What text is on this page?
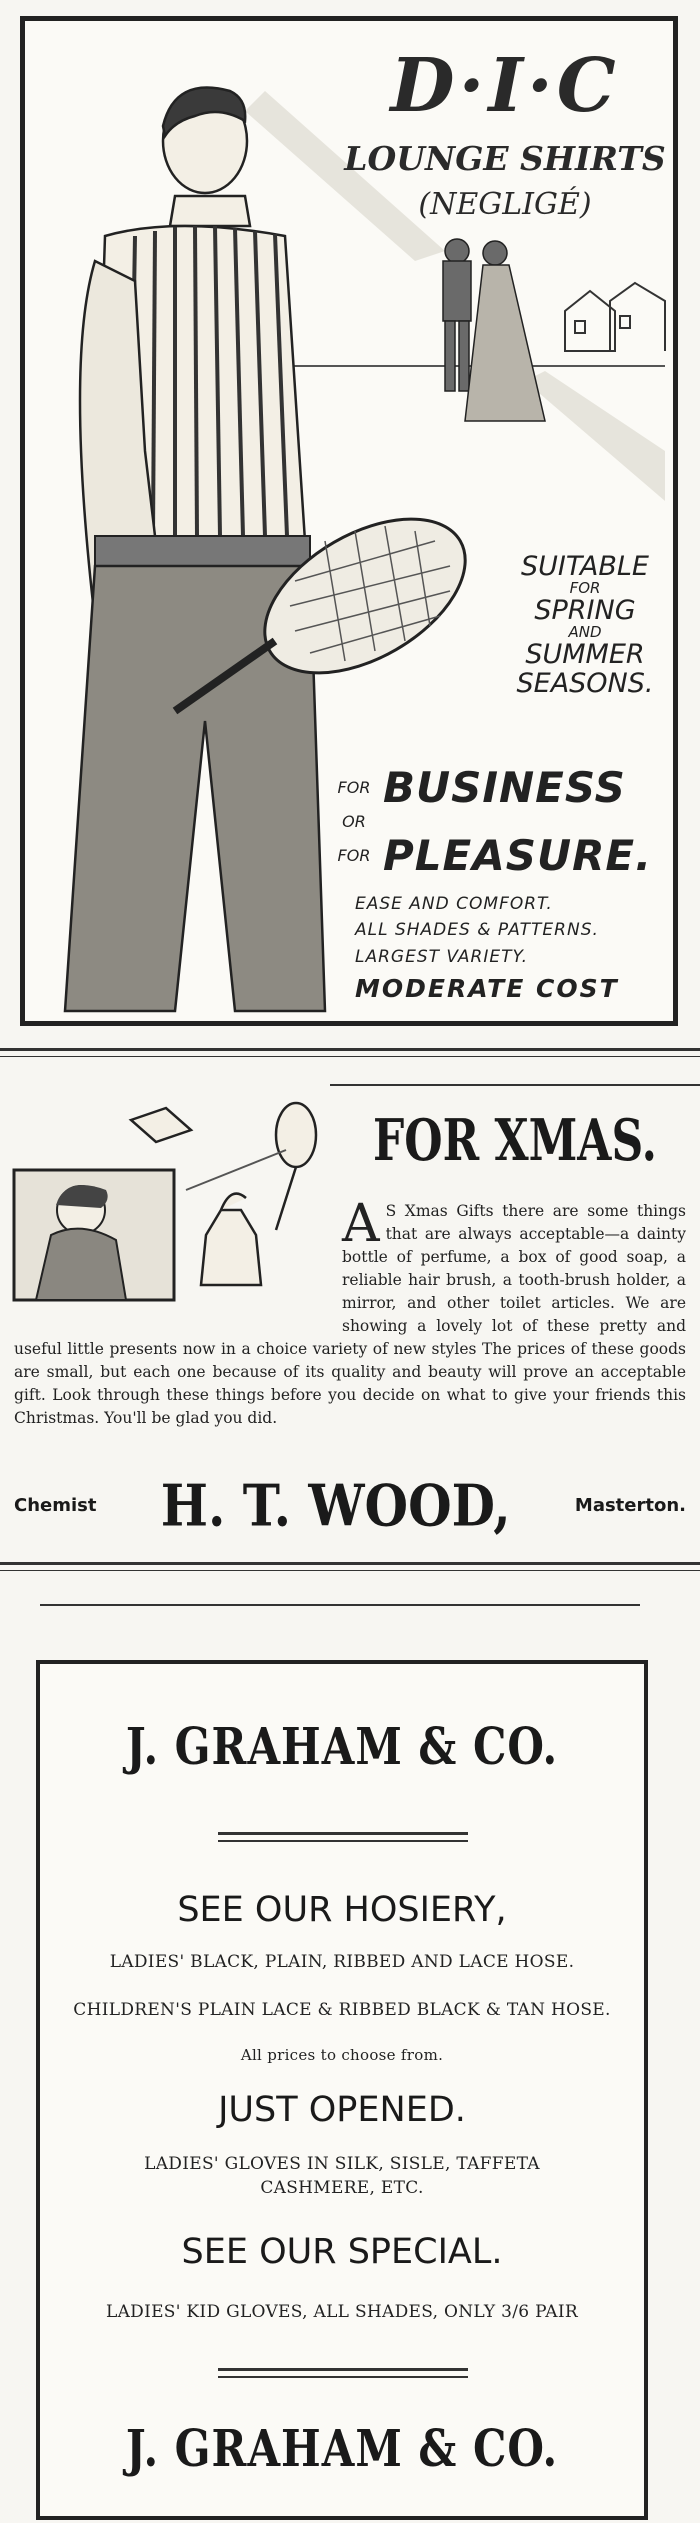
D·I·C
LOUNGE SHIRTS
(NEGLIGÉ)
SUITABLE
FOR
SPRING
AND
SUMMER
SEASONS.
FOR BUSINESS
OR
FOR PLEASURE.
EASE AND COMFORT.
ALL SHADES & PATTERNS.
LARGEST VARIETY.
MODERATE COST
FOR XMAS.
A S Xmas Gifts there are some things that are always acceptable—a dainty bottle of perfume, a box of good soap, a reliable hair brush, a tooth-brush holder, a mirror, and other toilet articles. We are showing a lovely lot of these pretty and useful little presents now in a choice variety of new styles The prices of these goods are small, but each one because of its quality and beauty will prove an acceptable gift. Look through these things before you decide on what to give your friends this Christmas. You'll be glad you did.
Chemist H. T. WOOD,	Masterton.
J. GRAHAM & CO.
SEE OUR HOSIERY,
LADIES' BLACK, PLAIN, RIBBED AND LACE HOSE.
CHILDREN'S PLAIN LACE & RIBBED BLACK & TAN HOSE.
All prices to choose from.
JUST OPENED.
LADIES' GLOVES IN SILK, SISLE, TAFFETA
CASHMERE, ETC.
SEE OUR SPECIAL.
LADIES' KID GLOVES, ALL SHADES, ONLY 3/6 PAIR
J. GRAHAM & CO.
